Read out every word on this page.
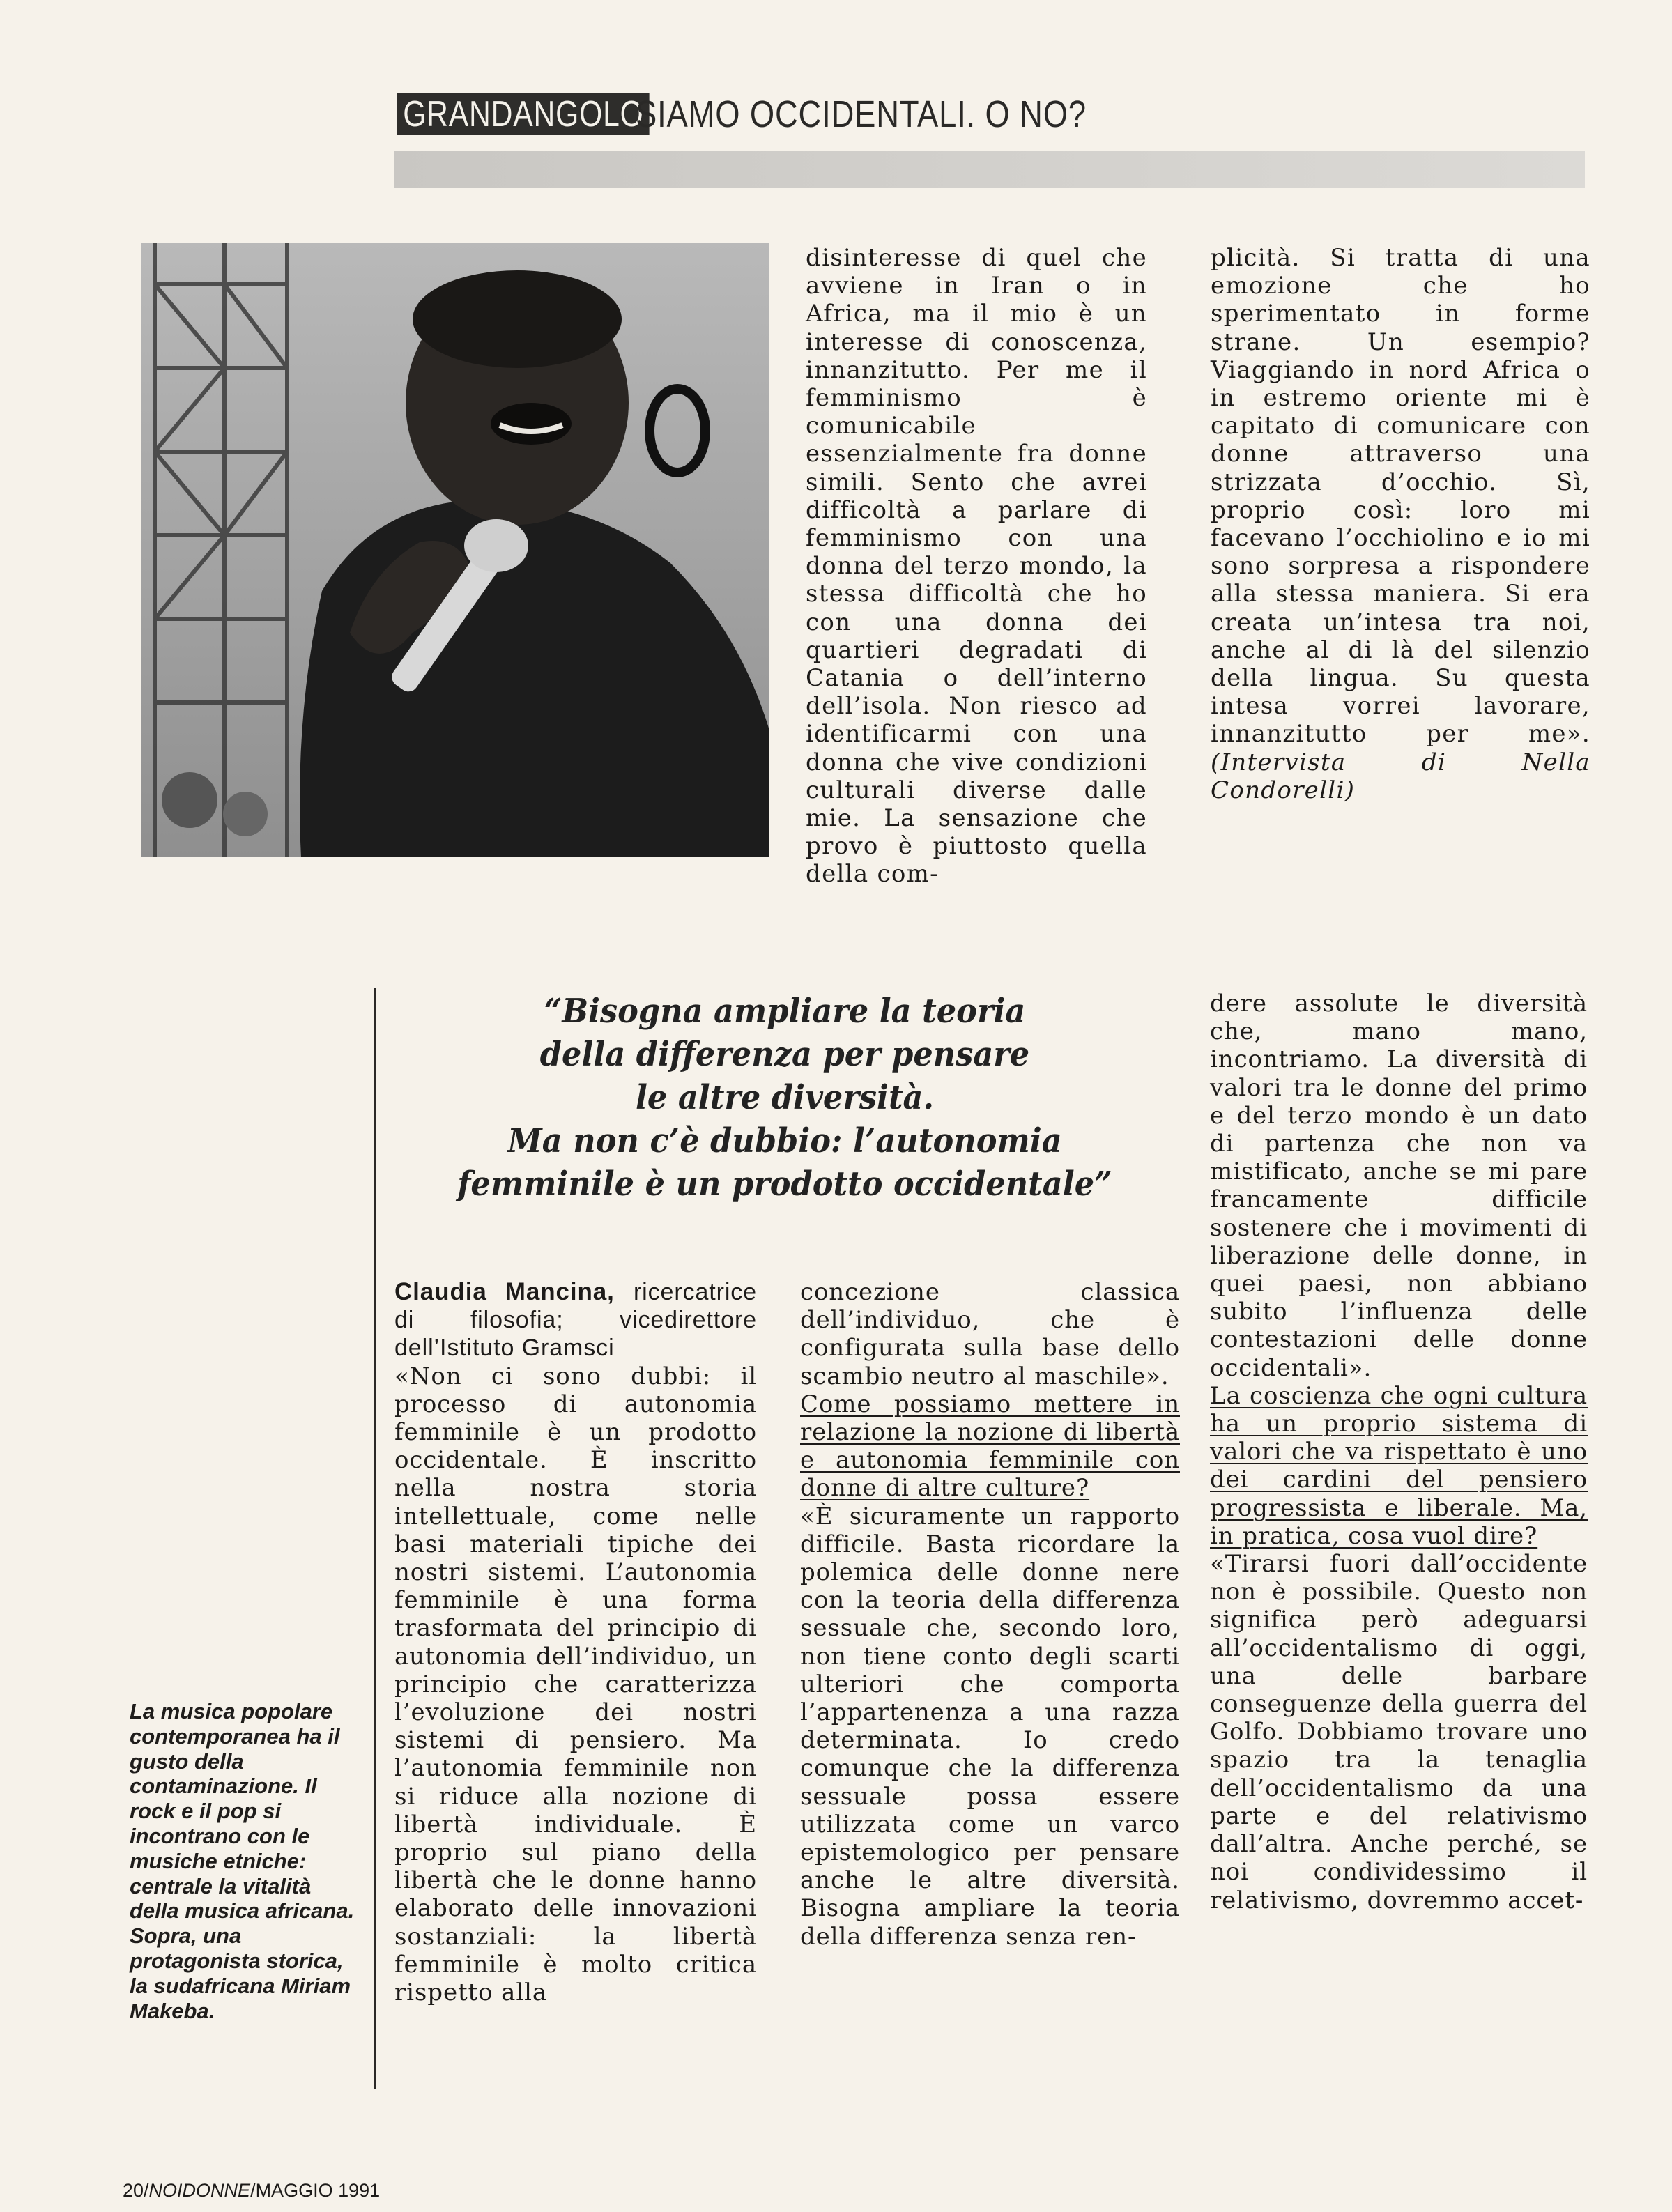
GRANDANGOLO
SIAMO OCCIDENTALI. O NO?
disinteresse di quel che avviene in Iran o in Africa, ma il mio è un interesse di conoscenza, innanzitutto. Per me il femminismo è comunicabile essenzialmente fra donne simili. Sento che avrei difficoltà a parlare di femminismo con una donna del terzo mondo, la stessa difficoltà che ho con una donna dei quartieri degradati di Catania o dell’interno dell’isola. Non riesco ad identificarmi con una donna che vive condizioni culturali diverse dalle mie. La sensazione che provo è piuttosto quella della com-
plicità. Si tratta di una emozione che ho sperimentato in forme strane. Un esempio? Viaggiando in nord Africa o in estremo oriente mi è capitato di comunicare con donne attraverso una strizzata d’occhio. Sì, proprio così: loro mi facevano l’occhiolino e io mi sono sorpresa a rispondere alla stessa maniera. Si era creata un’intesa tra noi, anche al di là del silenzio della lingua. Su questa intesa vorrei lavorare, innanzitutto per me». (Intervista di Nella Condorelli)
La musica popolare contemporanea ha il gusto della contaminazione. Il rock e il pop si incontrano con le musiche etniche: centrale la vitalità della musica africana. Sopra, una protagonista storica, la sudafricana Miriam Makeba.
“Bisogna ampliare la teoria
della differenza per pensare
le altre diversità.
Ma non c’è dubbio: l’autonomia
femminile è un prodotto occidentale”
Claudia Mancina, ricercatrice di filosofia; vicedirettore dell’Istituto Gramsci
«Non ci sono dubbi: il processo di autonomia femminile è un prodotto occidentale. È inscritto nella nostra storia intellettuale, come nelle basi materiali tipiche dei nostri sistemi. L’autonomia femminile è una forma trasformata del principio di autonomia dell’individuo, un principio che caratterizza l’evoluzione dei nostri sistemi di pensiero. Ma l’autonomia femminile non si riduce alla nozione di libertà individuale. È proprio sul piano della libertà che le donne hanno elaborato delle innovazioni sostanziali: la libertà femminile è molto critica rispetto alla
concezione classica dell’individuo, che è configurata sulla base dello scambio neutro al maschile».
Come possiamo mettere in relazione la nozione di libertà e autonomia femminile con donne di altre culture?
«È sicuramente un rapporto difficile. Basta ricordare la polemica delle donne nere con la teoria della differenza sessuale che, secondo loro, non tiene conto degli scarti ulteriori che comporta l’appartenenza a una razza determinata. Io credo comunque che la differenza sessuale possa essere utilizzata come un varco epistemologico per pensare anche le altre diversità. Bisogna ampliare la teoria della differenza senza ren-
dere assolute le diversità che, mano mano, incontriamo. La diversità di valori tra le donne del primo e del terzo mondo è un dato di partenza che non va mistificato, anche se mi pare francamente difficile sostenere che i movimenti di liberazione delle donne, in quei paesi, non abbiano subito l’influenza delle contestazioni delle donne occidentali».
La coscienza che ogni cultura ha un proprio sistema di valori che va rispettato è uno dei cardini del pensiero progressista e liberale. Ma, in pratica, cosa vuol dire?
«Tirarsi fuori dall’occidente non è possibile. Questo non significa però adeguarsi all’occidentalismo di oggi, una delle barbare conseguenze della guerra del Golfo. Dobbiamo trovare uno spazio tra la tenaglia dell’occidentalismo da una parte e del relativismo dall’altra. Anche perché, se noi condividessimo il relativismo, dovremmo accet-
20/NOIDONNE/MAGGIO 1991
